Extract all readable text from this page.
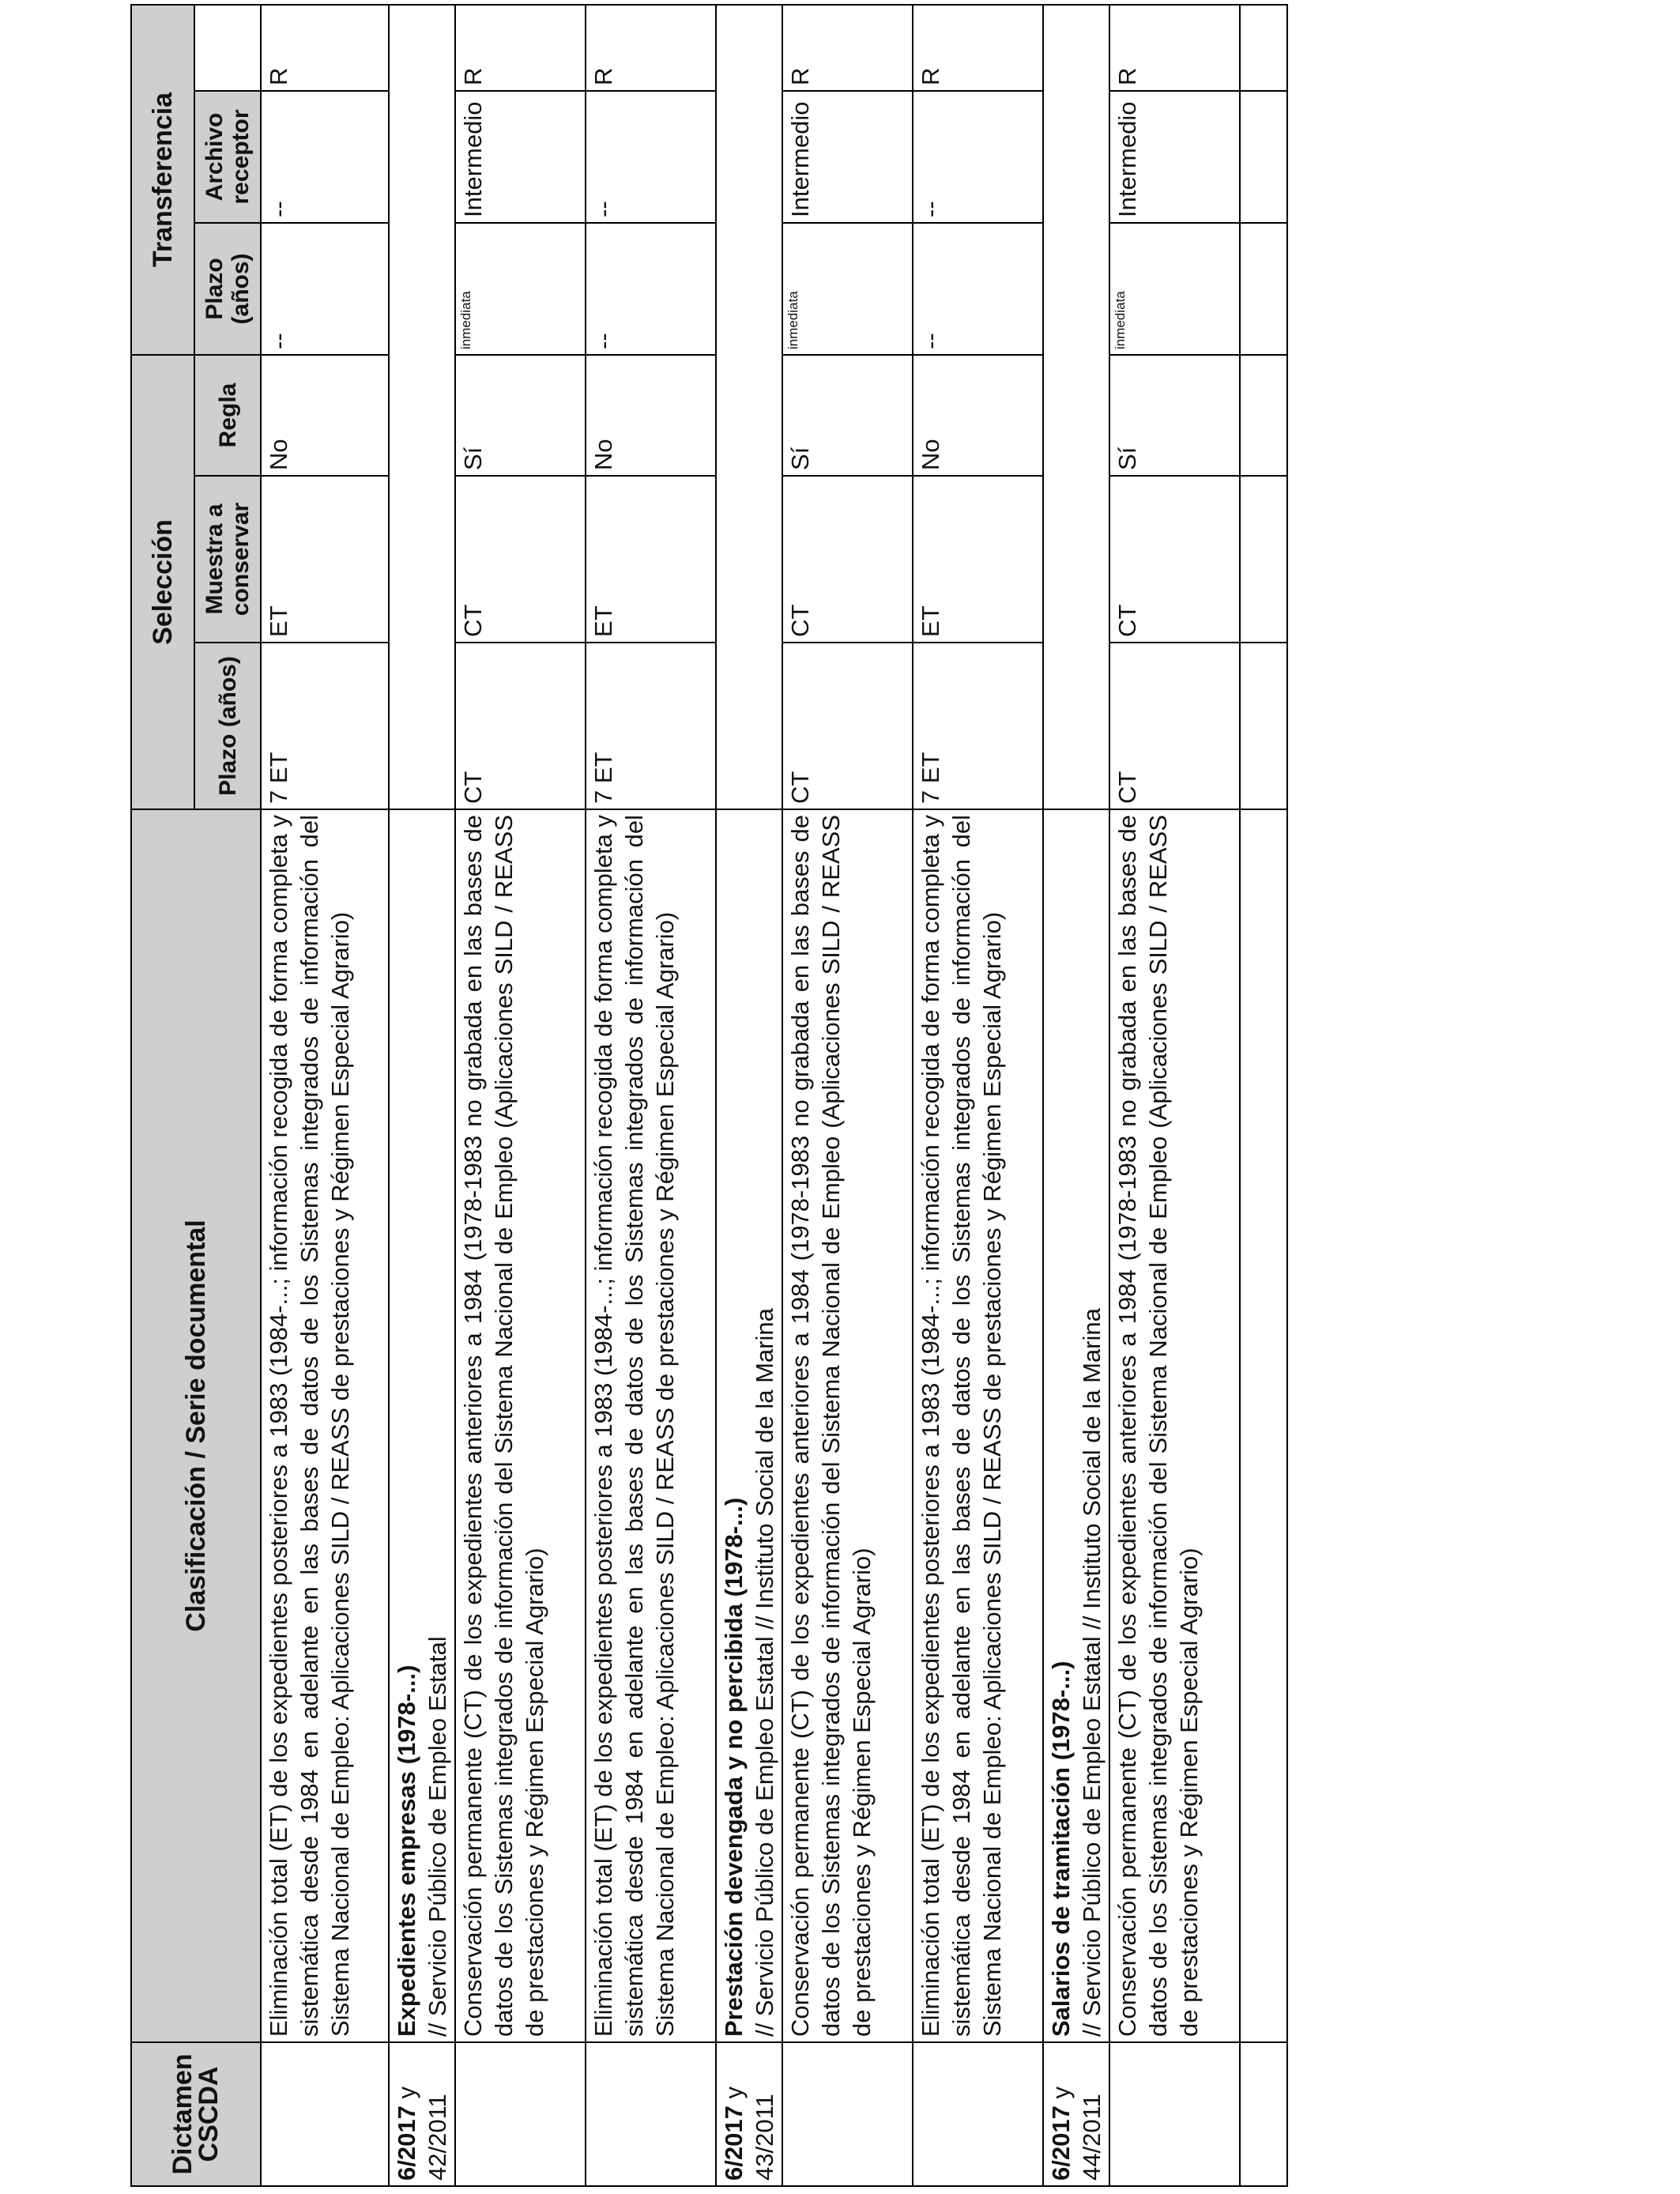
Dictamen CSCDA	Clasificación / Serie documental	Selección			Transferencia	
		Plazo (años)	Muestra a conservar	Regla	Plazo (años)	Archivo receptor		
	Eliminación total (ET) de los expedientes posteriores a 1983 (1984-...; información recogida de forma completa y sistemática desde 1984 en adelante en las bases de datos de los Sistemas integrados de información del Sistema Nacional de Empleo: Aplicaciones SILD / REASS de prestaciones y Régimen Especial Agrario)	7 ET	ET	No	--	--	R	
6/2017 y 42/2011	Expedientes empresas (1978-...) // Servicio Público de Empleo Estatal							

	Conservación permanente (CT) de los expedientes anteriores a 1984 (1978-1983 no grabada en las bases de datos de los Sistemas integrados de información del Sistema Nacional de Empleo (Aplicaciones SILD / REASS de prestaciones y Régimen Especial Agrario)	CT	CT	Sí	inmediata	Intermedio	R	
	Eliminación total (ET) de los expedientes posteriores a 1983 (1984-...; información recogida de forma completa y sistemática desde 1984 en adelante en las bases de datos de los Sistemas integrados de información del Sistema Nacional de Empleo: Aplicaciones SILD / REASS de prestaciones y Régimen Especial Agrario)	7 ET	ET	No	--	--	R	
6/2017 y 43/2011	Prestación devengada y no percibida (1978-...) // Servicio Público de Empleo Estatal // Instituto Social de la Marina							

	Conservación permanente (CT) de los expedientes anteriores a 1984 (1978-1983 no grabada en las bases de datos de los Sistemas integrados de información del Sistema Nacional de Empleo (Aplicaciones SILD / REASS de prestaciones y Régimen Especial Agrario)	CT	CT	Sí	inmediata	Intermedio	R	
	Eliminación total (ET) de los expedientes posteriores a 1983 (1984-...; información recogida de forma completa y sistemática desde 1984 en adelante en las bases de datos de los Sistemas integrados de información del Sistema Nacional de Empleo: Aplicaciones SILD / REASS de prestaciones y Régimen Especial Agrario)	7 ET	ET	No	--	--	R	
6/2017 y 44/2011	Salarios de tramitación (1978-...) // Servicio Público de Empleo Estatal // Instituto Social de la Marina							

	Conservación permanente (CT) de los expedientes anteriores a 1984 (1978-1983 no grabada en las bases de datos de los Sistemas integrados de información del Sistema Nacional de Empleo (Aplicaciones SILD / REASS de prestaciones y Régimen Especial Agrario)	CT	CT	Sí	inmediata	Intermedio	R	
